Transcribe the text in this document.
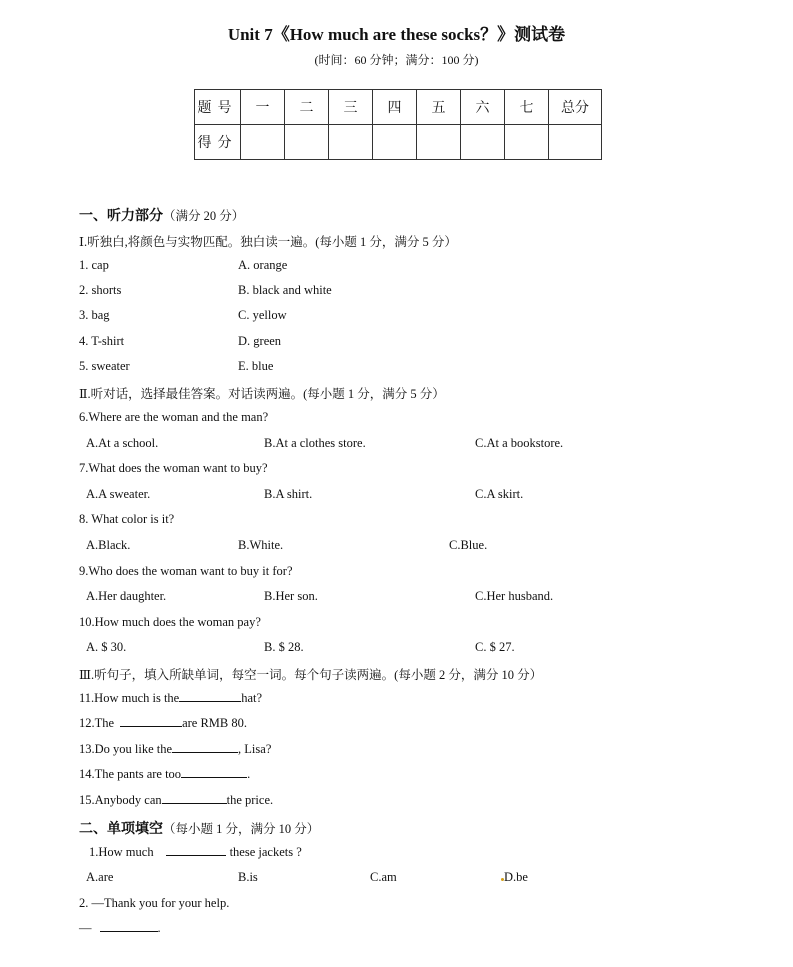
Unit 7《How much are these socks？》测试卷
(时间：60 分钟；满分：100 分)
题号	一	二	三	四	五	六	七	总分
得分								
一、听力部分（满分 20 分）
Ⅰ.听独白,将颜色与实物匹配。独白读一遍。(每小题 1 分，满分 5 分）
1. cap	A. orange
2. shorts	B. black and white
3. bag	C. yellow
4. T-shirt	D. green
5. sweater	E. blue
Ⅱ.听对话，选择最佳答案。对话读两遍。(每小题 1 分，满分 5 分）
6.Where are the woman and the man?
A.At a school.	B.At a clothes store.	C.At a bookstore.
7.What does the woman want to buy?
A.A sweater.	B.A shirt.	C.A skirt.
8. What color is it?
A.Black.	B.White.	C.Blue.
9.Who does the woman want to buy it for?
A.Her daughter.	B.Her son.	C.Her husband.
10.How much does the woman pay?
A. $ 30.	B. $ 28.	C. $ 27.
Ⅲ.听句子，填入所缺单词，每空一词。每个句子读两遍。(每小题 2 分，满分 10 分）
11.How much is the	hat?
12.The	are RMB 80.
13.Do you like the	, Lisa?
14.The pants are too	.
15.Anybody can	the price.
二、单项填空（每小题 1 分，满分 10 分）
1.How much	these jackets ?
A.are	B.is	C.am	D.be
2. —Thank you for your help.
—	.
